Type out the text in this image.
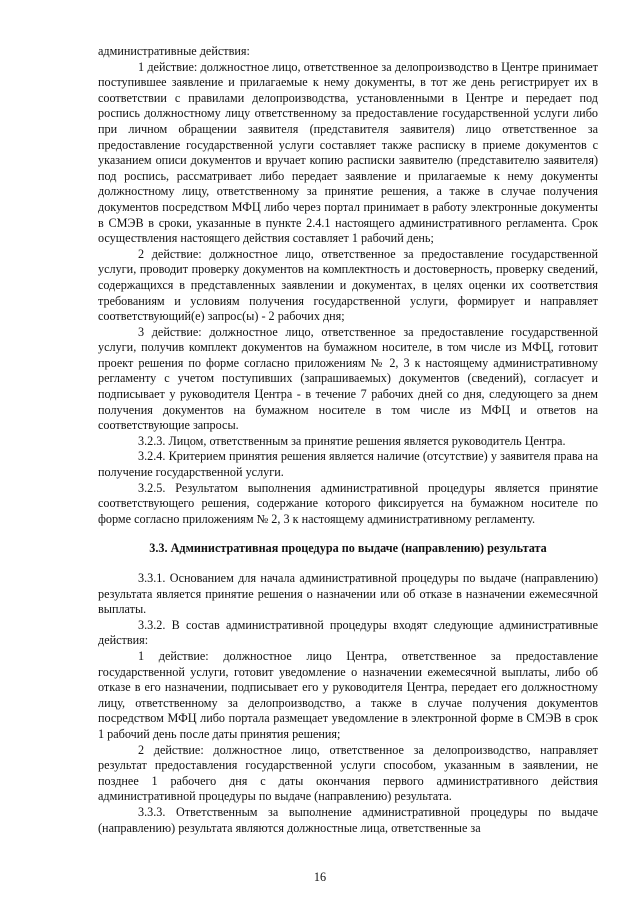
административные действия:

1 действие: должностное лицо, ответственное за делопроизводство в Центре принимает поступившее заявление и прилагаемые к нему документы, в тот же день регистрирует их в соответствии с правилами делопроизводства, установленными в Центре и передает под роспись должностному лицу ответственному за предоставление государственной услуги либо при личном обращении заявителя (представителя заявителя) лицо ответственное за предоставление государственной услуги составляет также расписку в приеме документов с указанием описи документов и вручает копию расписки заявителю (представителю заявителя) под роспись, рассматривает либо передает заявление и прилагаемые к нему документы должностному лицу, ответственному за принятие решения, а также в случае получения документов посредством МФЦ либо через портал принимает в работу электронные документы в СМЭВ в сроки, указанные в пункте 2.4.1 настоящего административного регламента. Срок осуществления настоящего действия составляет 1 рабочий день;

2 действие: должностное лицо, ответственное за предоставление государственной услуги, проводит проверку документов на комплектность и достоверность, проверку сведений, содержащихся в представленных заявлении и документах, в целях оценки их соответствия требованиям и условиям получения государственной услуги, формирует и направляет соответствующий(е) запрос(ы) - 2 рабочих дня;

3 действие: должностное лицо, ответственное за предоставление государственной услуги, получив комплект документов на бумажном носителе, в том числе из МФЦ, готовит проект решения по форме согласно приложениям № 2, 3 к настоящему административному регламенту с учетом поступивших (запрашиваемых) документов (сведений), согласует и подписывает у руководителя Центра - в течение 7 рабочих дней со дня, следующего за днем получения документов на бумажном носителе в том числе из МФЦ и ответов на соответствующие запросы.

3.2.3. Лицом, ответственным за принятие решения является руководитель Центра.

3.2.4. Критерием принятия решения является наличие (отсутствие) у заявителя права на получение государственной услуги.

3.2.5. Результатом выполнения административной процедуры является принятие соответствующего решения, содержание которого фиксируется на бумажном носителе по форме согласно приложениям № 2, 3 к настоящему административному регламенту.

3.3. Административная процедура по выдаче (направлению) результата

3.3.1. Основанием для начала административной процедуры по выдаче (направлению) результата является принятие решения о назначении или об отказе в назначении ежемесячной выплаты.

3.3.2. В состав административной процедуры входят следующие административные действия:

1 действие: должностное лицо Центра, ответственное за предоставление государственной услуги, готовит уведомление о назначении ежемесячной выплаты, либо об отказе в его назначении, подписывает его у руководителя Центра, передает его должностному лицу, ответственному за делопроизводство, а также в случае получения документов посредством МФЦ либо портала размещает уведомление в электронной форме в СМЭВ в срок 1 рабочий день после даты принятия решения;

2 действие: должностное лицо, ответственное за делопроизводство, направляет результат предоставления государственной услуги способом, указанным в заявлении, не позднее 1 рабочего дня с даты окончания первого административного действия административной процедуры по выдаче (направлению) результата.

3.3.3. Ответственным за выполнение административной процедуры по выдаче (направлению) результата являются должностные лица, ответственные за

16
